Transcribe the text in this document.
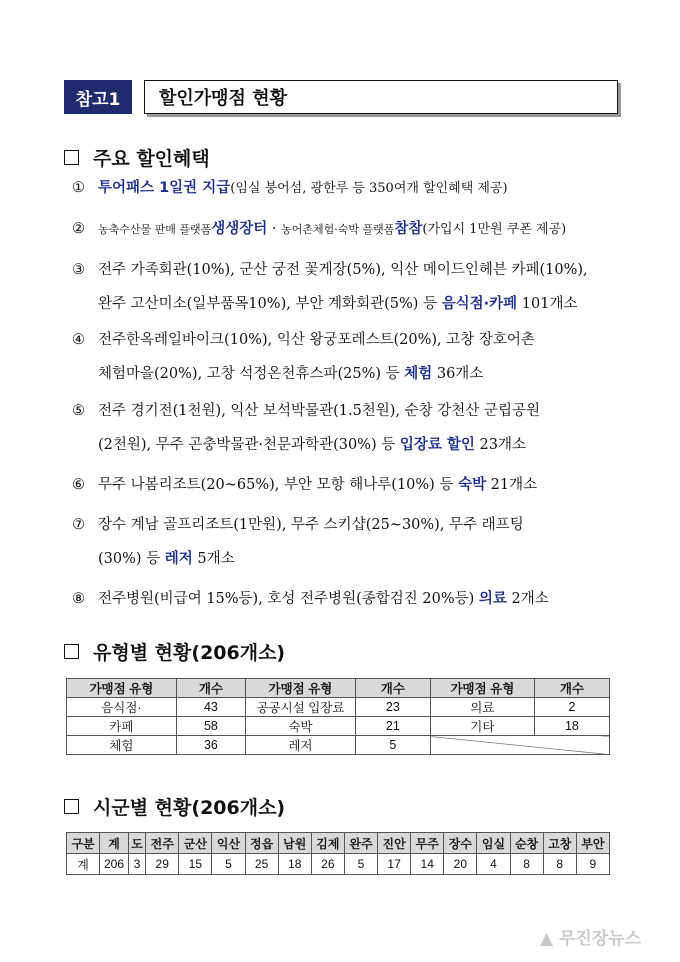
참고1	할인가맹점 현황
주요 할인혜택
① 투어패스 1일권 지급(임실 붕어섬, 광한루 등 350여개 할인혜택 제공)
② 농축수산물 판매 플랫폼생생장터 · 농어촌체험·숙박 플랫폼참참(가입시 1만원 쿠폰 제공)
③ 전주 가족회관(10%), 군산 궁전 꽃게장(5%), 익산 메이드인헤븐 카페(10%),
완주 고산미소(일부품목10%), 부안 계화회관(5%) 등 음식점·카페 101개소
④ 전주한옥레일바이크(10%), 익산 왕궁포레스트(20%), 고창 장호어촌
체험마을(20%), 고창 석정온천휴스파(25%) 등 체험 36개소
⑤ 전주 경기전(1천원), 익산 보석박물관(1.5천원), 순창 강천산 군립공원
(2천원), 무주 곤충박물관·천문과학관(30%) 등 입장료 할인 23개소
⑥ 무주 나봄리조트(20~65%), 부안 모항 해나루(10%) 등 숙박 21개소
⑦ 장수 계남 골프리조트(1만원), 무주 스키샵(25~30%), 무주 래프팅
(30%) 등 레저 5개소
⑧ 전주병원(비급여 15%등), 호성 전주병원(종합검진 20%등) 의료 2개소
유형별 현황(206개소)
가맹점 유형	개수	가맹점 유형	개수	가맹점 유형	개수
음식점·	43	공공시설 입장료	23	의료	2
카페	58	숙박	21	기타	18
체험	36	레저	5		
시군별 현황(206개소)
구분	계	도	전주	군산	익산	정읍	남원	김제	완주	진안	무주	장수	임실	순창	고창	부안
계	206	3	29	15	5	25	18	26	5	17	14	20	4	8	8	9
▲ 무진장뉴스
